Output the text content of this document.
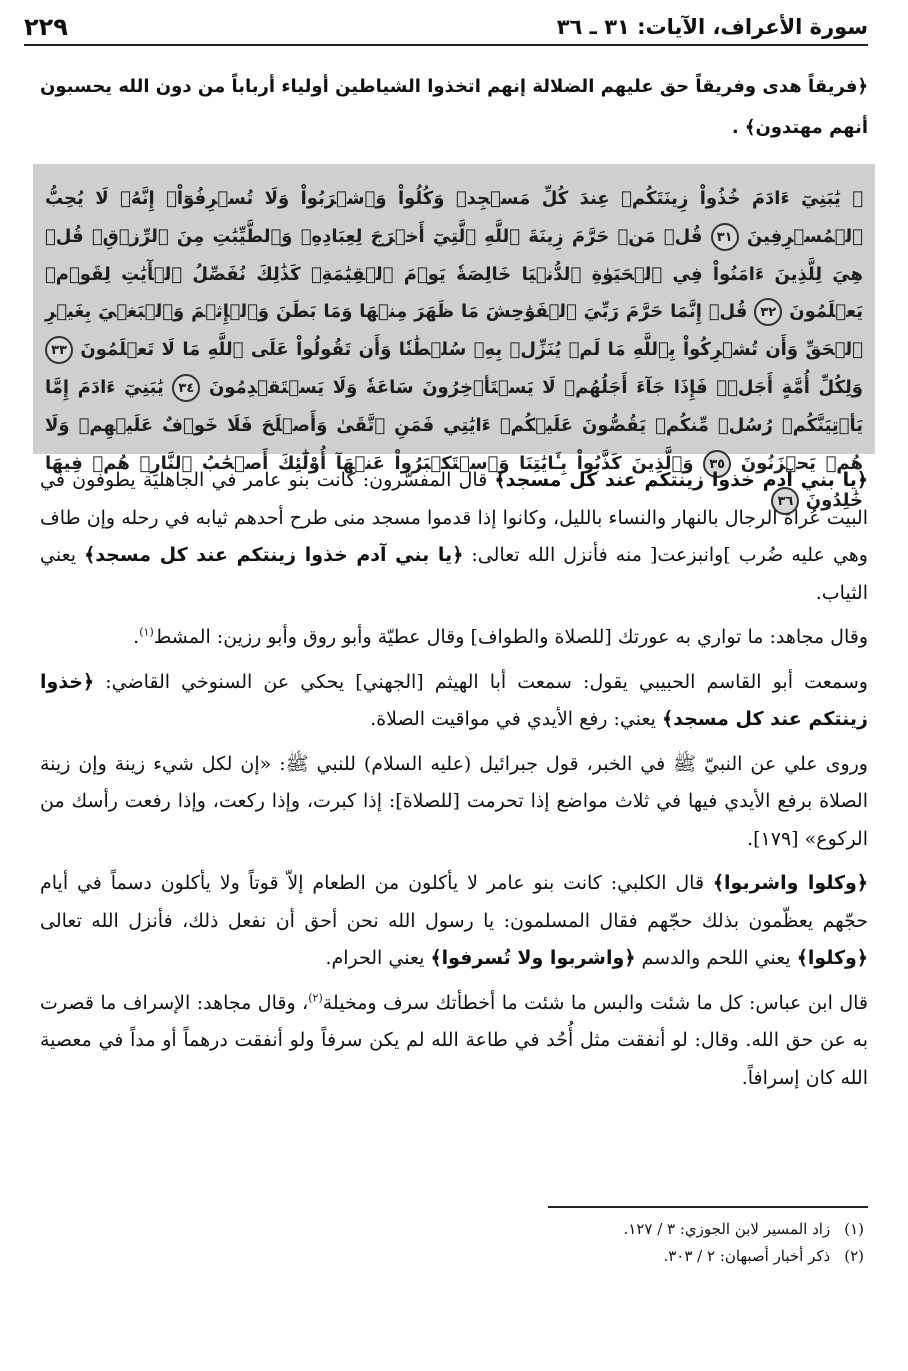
سورة الأعراف، الآيات: ٣١ ـ ٣٦
٢٢٩

﴿فريقاً هدى وفريقاً حق عليهم الضلالة إنهم اتخذوا الشياطين أولياء أرباباً من دون الله يحسبون أنهم مهتدون﴾ .

۞ يَٰبَنِيٓ ءَادَمَ خُذُواْ زِينَتَكُمۡ عِندَ كُلِّ مَسۡجِدٖ وَكُلُواْ وَٱشۡرَبُواْ وَلَا تُسۡرِفُوٓاْۚ إِنَّهُۥ لَا يُحِبُّ ٱلۡمُسۡرِفِينَ ٣١ قُلۡ مَنۡ حَرَّمَ زِينَةَ ٱللَّهِ ٱلَّتِيٓ أَخۡرَجَ لِعِبَادِهِۦ وَٱلطَّيِّبَٰتِ مِنَ ٱلرِّزۡقِۚ قُلۡ هِيَ لِلَّذِينَ ءَامَنُواْ فِي ٱلۡحَيَوٰةِ ٱلدُّنۡيَا خَالِصَةٗ يَوۡمَ ٱلۡقِيَٰمَةِۗ كَذَٰلِكَ نُفَصِّلُ ٱلۡأٓيَٰتِ لِقَوۡمٖ يَعۡلَمُونَ ٣٢ قُلۡ إِنَّمَا حَرَّمَ رَبِّيَ ٱلۡفَوَٰحِشَ مَا ظَهَرَ مِنۡهَا وَمَا بَطَنَ وَٱلۡإِثۡمَ وَٱلۡبَغۡيَ بِغَيۡرِ ٱلۡحَقِّ وَأَن تُشۡرِكُواْ بِٱللَّهِ مَا لَمۡ يُنَزِّلۡ بِهِۦ سُلۡطَٰنٗا وَأَن تَقُولُواْ عَلَى ٱللَّهِ مَا لَا تَعۡلَمُونَ ٣٣ وَلِكُلِّ أُمَّةٍ أَجَلٞۖ فَإِذَا جَآءَ أَجَلُهُمۡ لَا يَسۡتَأۡخِرُونَ سَاعَةٗ وَلَا يَسۡتَقۡدِمُونَ ٣٤ يَٰبَنِيٓ ءَادَمَ إِمَّا يَأۡتِيَنَّكُمۡ رُسُلٞ مِّنكُمۡ يَقُصُّونَ عَلَيۡكُمۡ ءَايَٰتِي فَمَنِ ٱتَّقَىٰ وَأَصۡلَحَ فَلَا خَوۡفٌ عَلَيۡهِمۡ وَلَا هُمۡ يَحۡزَنُونَ ٣٥ وَٱلَّذِينَ كَذَّبُواْ بِـَٔايَٰتِنَا وَٱسۡتَكۡبَرُواْ عَنۡهَآ أُوْلَٰٓئِكَ أَصۡحَٰبُ ٱلنَّارِۖ هُمۡ فِيهَا خَٰلِدُونَ ٣٦

﴿يا بني آدم خذوا زينتكم عند كل مسجد﴾ قال المفسّرون: كانت بنو عامر في الجاهلية يطوفون في البيت عُراة الرجال بالنهار والنساء بالليل، وكانوا إذا قدموا مسجد منى طرح أحدهم ثيابه في رحله وإن طاف وهي عليه ضُرب ]وانبزعت[ منه فأنزل الله تعالى: ﴿يا بني آدم خذوا زينتكم عند كل مسجد﴾ يعني الثياب.

وقال مجاهد: ما تواري به عورتك [للصلاة والطواف] وقال عطيّة وأبو روق وأبو رزين: المشط$^{(١)}$.

وسمعت أبو القاسم الحبيبي يقول: سمعت أبا الهيثم [الجهني] يحكي عن السنوخي القاضي: ﴿خذوا زينتكم عند كل مسجد﴾ يعني: رفع الأيدي في مواقيت الصلاة.

وروى علي عن النبيّ ﷺ في الخبر، قول جبرائيل (عليه السلام) للنبي ﷺ: «إن لكل شيء زينة وإن زينة الصلاة برفع الأيدي فيها في ثلاث مواضع إذا تحرمت [للصلاة]: إذا كبرت، وإذا ركعت، وإذا رفعت رأسك من الركوع» [١٧٩].

﴿وكلوا واشربوا﴾ قال الكلبي: كانت بنو عامر لا يأكلون من الطعام إلاّ قوتاً ولا يأكلون دسماً في أيام حجّهم يعظّمون بذلك حجّهم فقال المسلمون: يا رسول الله نحن أحق أن نفعل ذلك، فأنزل الله تعالى ﴿وكلوا﴾ يعني اللحم والدسم ﴿واشربوا ولا تُسرفوا﴾ يعني الحرام.

قال ابن عباس: كل ما شئت والبس ما شئت ما أخطأتك سرف ومخيلة$^{(٢)}$، وقال مجاهد: الإسراف ما قصرت به عن حق الله. وقال: لو أنفقت مثل أُحُد في طاعة الله لم يكن سرفاً ولو أنفقت درهماً أو مداً في معصية الله كان إسرافاً.

(١)
زاد المسير لابن الجوزي: ٣ / ١٢٧.
(٢)
ذكر أخبار أصبهان: ٢ / ٣٠٣.
